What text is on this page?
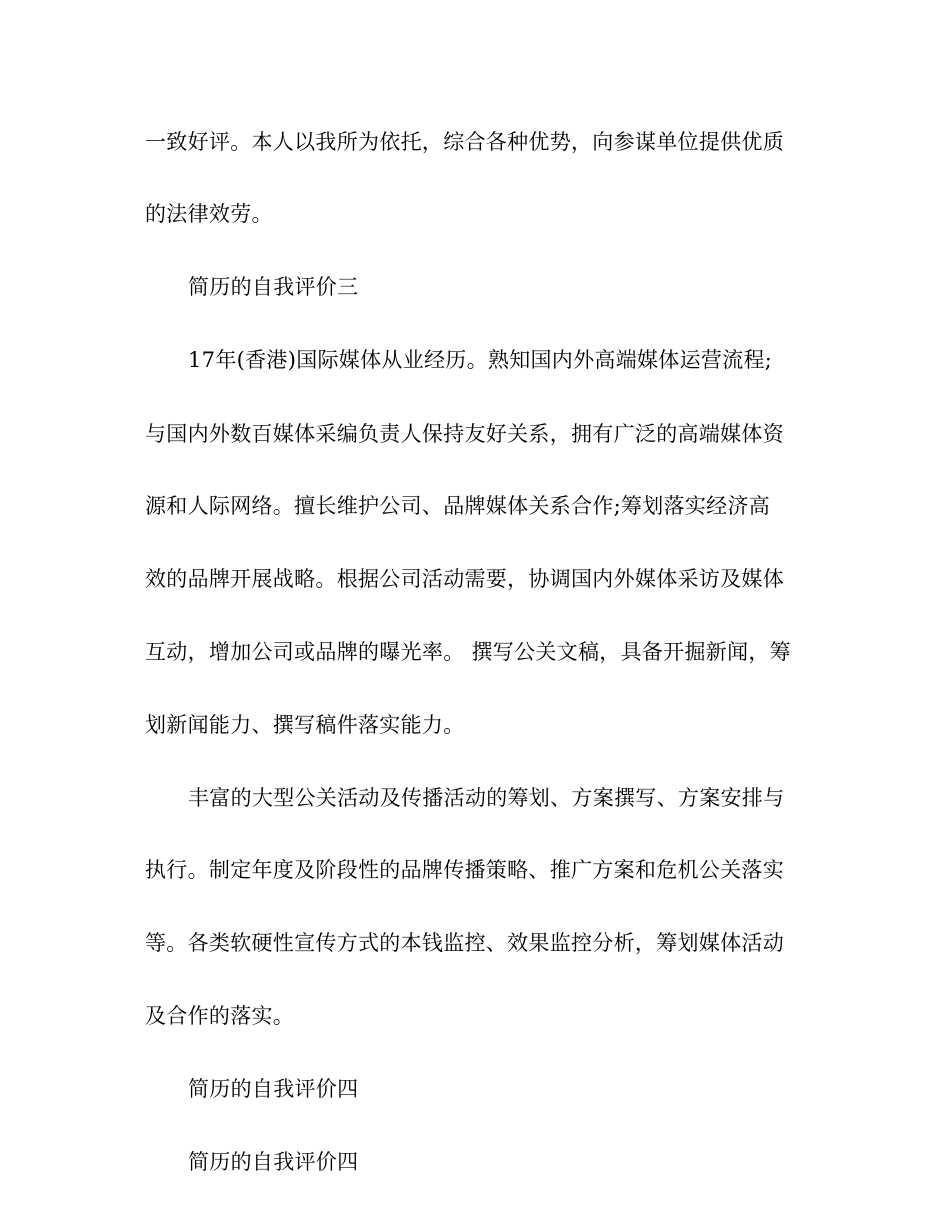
一致好评。本人以我所为依托，综合各种优势，向参谋单位提供优质
的法律效劳。
简历的自我评价三
17年(香港)国际媒体从业经历。熟知国内外高端媒体运营流程;
与国内外数百媒体采编负责人保持友好关系，拥有广泛的高端媒体资
源和人际网络。擅长维护公司、品牌媒体关系合作;筹划落实经济高
效的品牌开展战略。根据公司活动需要，协调国内外媒体采访及媒体
互动，增加公司或品牌的曝光率。 撰写公关文稿，具备开掘新闻，筹
划新闻能力、撰写稿件落实能力。
丰富的大型公关活动及传播活动的筹划、方案撰写、方案安排与
执行。制定年度及阶段性的品牌传播策略、推广方案和危机公关落实
等。各类软硬性宣传方式的本钱监控、效果监控分析，筹划媒体活动
及合作的落实。
简历的自我评价四
简历的自我评价四
